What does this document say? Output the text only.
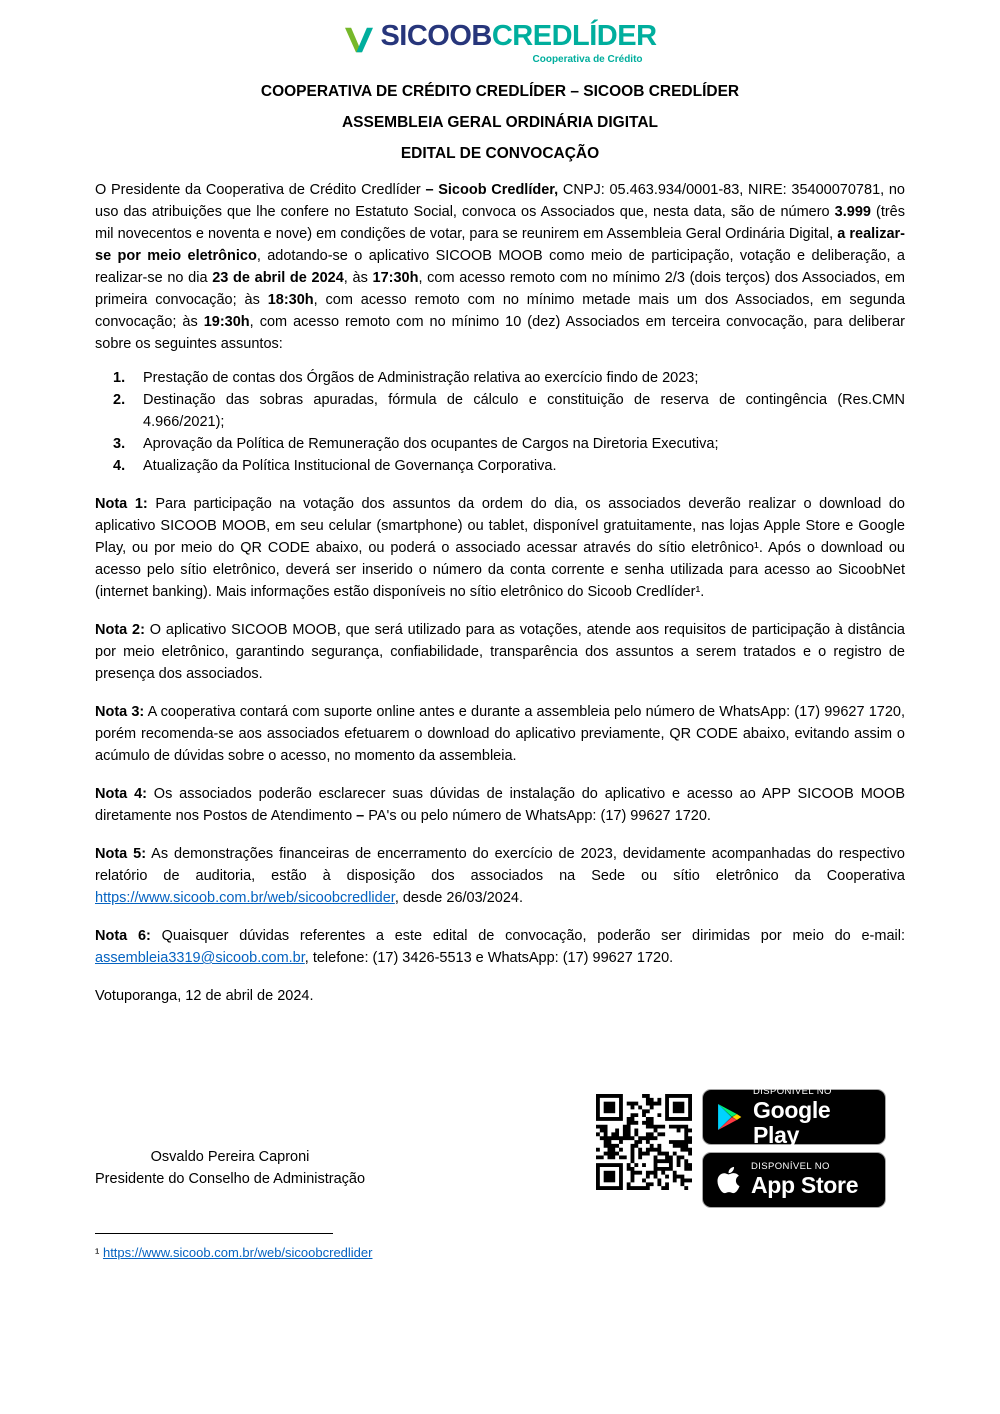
SICOOB CREDLÍDER
Cooperativa de Crédito
COOPERATIVA DE CRÉDITO CREDLÍDER – SICOOB CREDLÍDER
ASSEMBLEIA GERAL ORDINÁRIA DIGITAL
EDITAL DE CONVOCAÇÃO

O Presidente da Cooperativa de Crédito Credlíder – Sicoob Credlíder, CNPJ: 05.463.934/0001-83, NIRE: 35400070781, no uso das atribuições que lhe confere no Estatuto Social, convoca os Associados que, nesta data, são de número 3.999 (três mil novecentos e noventa e nove) em condições de votar, para se reunirem em Assembleia Geral Ordinária Digital, a realizar-se por meio eletrônico, adotando-se o aplicativo SICOOB MOOB como meio de participação, votação e deliberação, a realizar-se no dia 23 de abril de 2024, às 17:30h, com acesso remoto com no mínimo 2/3 (dois terços) dos Associados, em primeira convocação; às 18:30h, com acesso remoto com no mínimo metade mais um dos Associados, em segunda convocação; às 19:30h, com acesso remoto com no mínimo 10 (dez) Associados em terceira convocação, para deliberar sobre os seguintes assuntos:

1.	Prestação de contas dos Órgãos de Administração relativa ao exercício findo de 2023;
2.	Destinação das sobras apuradas, fórmula de cálculo e constituição de reserva de contingência (Res.CMN 4.966/2021);
3.	Aprovação da Política de Remuneração dos ocupantes de Cargos na Diretoria Executiva;
4.	Atualização da Política Institucional de Governança Corporativa.

Nota 1: Para participação na votação dos assuntos da ordem do dia, os associados deverão realizar o download do aplicativo SICOOB MOOB, em seu celular (smartphone) ou tablet, disponível gratuitamente, nas lojas Apple Store e Google Play, ou por meio do QR CODE abaixo, ou poderá o associado acessar através do sítio eletrônico¹. Após o download ou acesso pelo sítio eletrônico, deverá ser inserido o número da conta corrente e senha utilizada para acesso ao SicoobNet (internet banking). Mais informações estão disponíveis no sítio eletrônico do Sicoob Credlíder¹.

Nota 2: O aplicativo SICOOB MOOB, que será utilizado para as votações, atende aos requisitos de participação à distância por meio eletrônico, garantindo segurança, confiabilidade, transparência dos assuntos a serem tratados e o registro de presença dos associados.

Nota 3: A cooperativa contará com suporte online antes e durante a assembleia pelo número de WhatsApp: (17) 99627 1720, porém recomenda-se aos associados efetuarem o download do aplicativo previamente, QR CODE abaixo, evitando assim o acúmulo de dúvidas sobre o acesso, no momento da assembleia.

Nota 4: Os associados poderão esclarecer suas dúvidas de instalação do aplicativo e acesso ao APP SICOOB MOOB diretamente nos Postos de Atendimento – PA's ou pelo número de WhatsApp: (17) 99627 1720.

Nota 5: As demonstrações financeiras de encerramento do exercício de 2023, devidamente acompanhadas do respectivo relatório de auditoria, estão à disposição dos associados na Sede ou sítio eletrônico da Cooperativa https://www.sicoob.com.br/web/sicoobcredlider, desde 26/03/2024.

Nota 6: Quaisquer dúvidas referentes a este edital de convocação, poderão ser dirimidas por meio do e-mail: assembleia3319@sicoob.com.br, telefone: (17) 3426-5513 e WhatsApp: (17) 99627 1720.

Votuporanga, 12 de abril de 2024.

Osvaldo Pereira Caproni
Presidente do Conselho de Administração
DISPONÍVEL NO
Google Play
DISPONÍVEL NO
App Store
¹ https://www.sicoob.com.br/web/sicoobcredlider
